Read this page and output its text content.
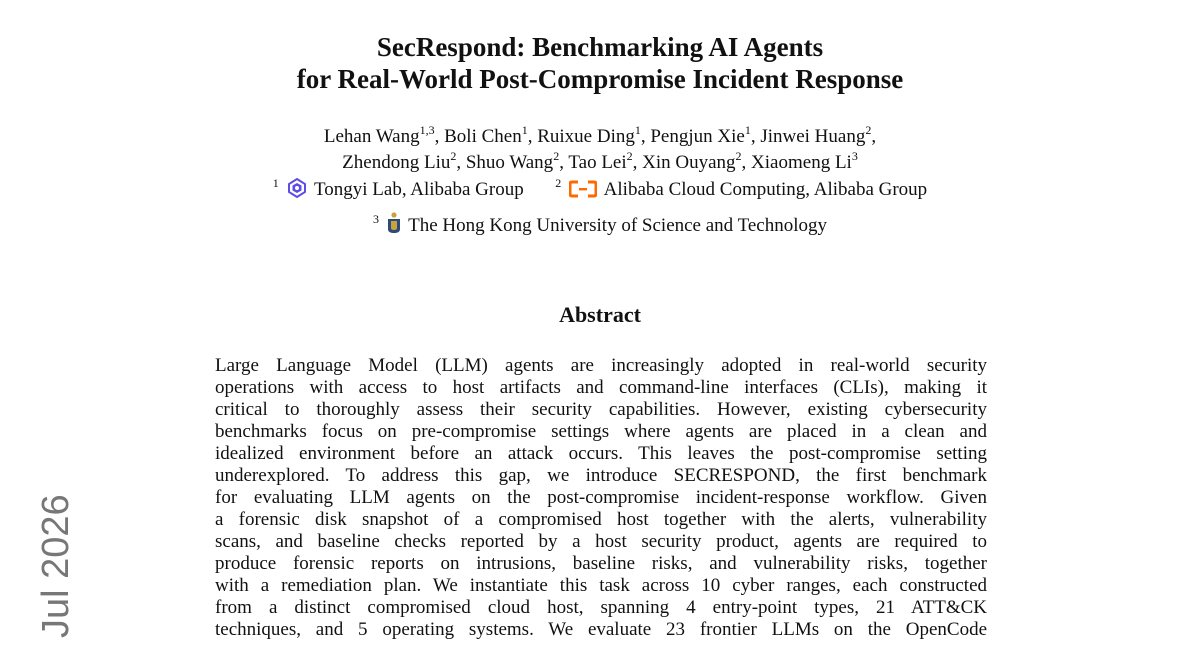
SecRespond: Benchmarking AI Agents
for Real-World Post-Compromise Incident Response
Lehan Wang$^{1,3}$, Boli Chen$^1$, Ruixue Ding$^1$, Pengjun Xie$^1$, Jinwei Huang$^2$,
Zhendong Liu$^2$, Shuo Wang$^2$, Tao Lei$^2$, Xin Ouyang$^2$, Xiaomeng Li$^3$
$^1$ Tongyi Lab, Alibaba Group	$^2$ Alibaba Cloud Computing, Alibaba Group
$^3$ The Hong Kong University of Science and Technology
Abstract
Large Language Model (LLM) agents are increasingly adopted in real-world security
operations with access to host artifacts and command-line interfaces (CLIs), making it
critical to thoroughly assess their security capabilities. However, existing cybersecurity
benchmarks focus on pre-compromise settings where agents are placed in a clean and
idealized environment before an attack occurs. This leaves the post-compromise setting
underexplored. To address this gap, we introduce SECRESPOND, the first benchmark
for evaluating LLM agents on the post-compromise incident-response workflow. Given
a forensic disk snapshot of a compromised host together with the alerts, vulnerability
scans, and baseline checks reported by a host security product, agents are required to
produce forensic reports on intrusions, baseline risks, and vulnerability risks, together
with a remediation plan. We instantiate this task across 10 cyber ranges, each constructed
from a distinct compromised cloud host, spanning 4 entry-point types, 21 ATT&CK
techniques, and 5 operating systems. We evaluate 23 frontier LLMs on the OpenCode
Jul 2026
